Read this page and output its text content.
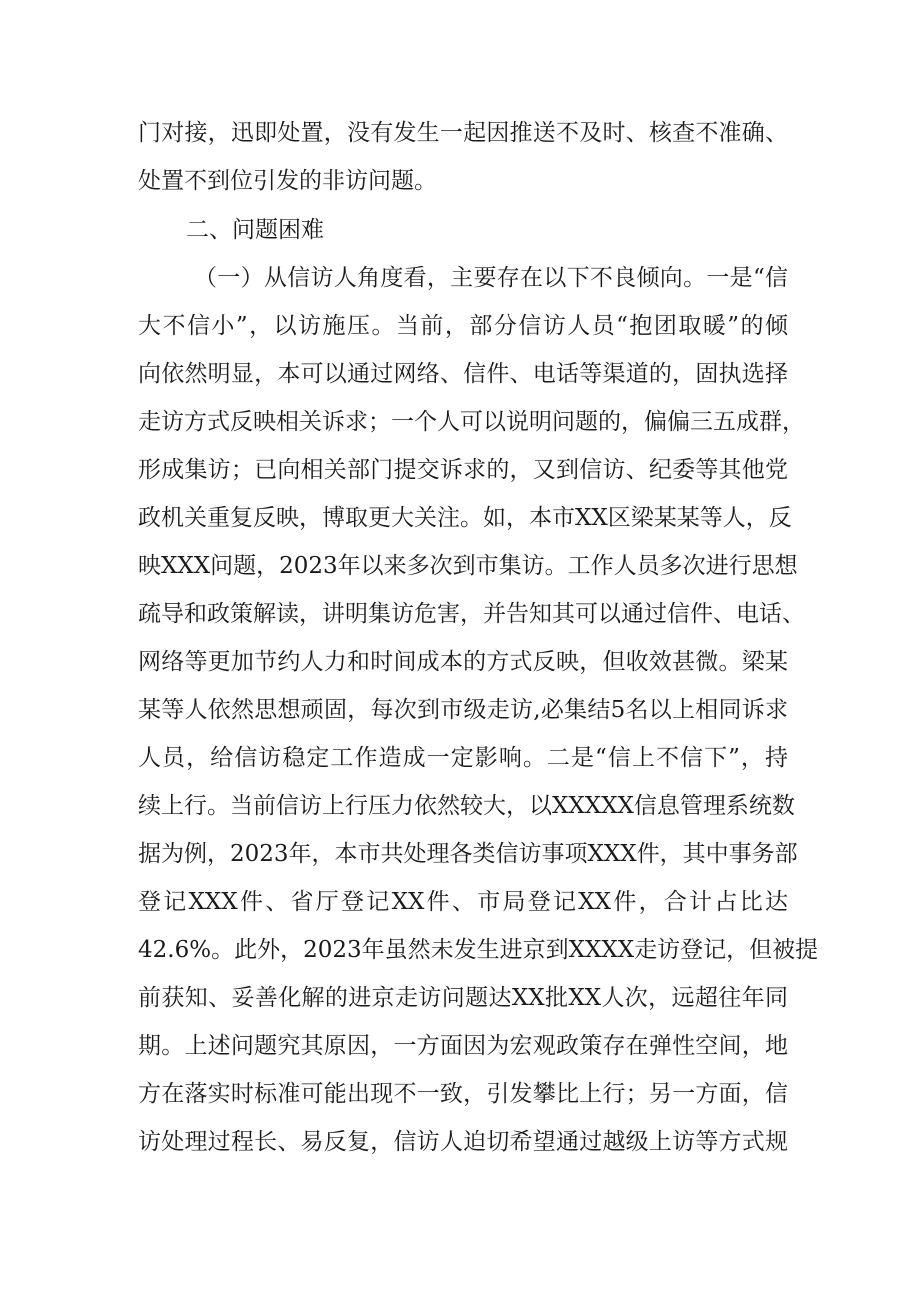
门对接，迅即处置，没有发生一起因推送不及时、核查不准确、
处置不到位引发的非访问题。
二、问题困难
（一）从信访人角度看，主要存在以下不良倾向。一是“信
大不信小”，以访施压。当前，部分信访人员“抱团取暖”的倾
向依然明显，本可以通过网络、信件、电话等渠道的，固执选择
走访方式反映相关诉求；一个人可以说明问题的，偏偏三五成群，
形成集访；已向相关部门提交诉求的，又到信访、纪委等其他党
政机关重复反映，博取更大关注。如，本市XX区梁某某等人，反
映XXX问题，2023年以来多次到市集访。工作人员多次进行思想
疏导和政策解读，讲明集访危害，并告知其可以通过信件、电话、
网络等更加节约人力和时间成本的方式反映，但收效甚微。梁某
某等人依然思想顽固，每次到市级走访,必集结5名以上相同诉求
人员，给信访稳定工作造成一定影响。二是“信上不信下”，持
续上行。当前信访上行压力依然较大，以XXXXX信息管理系统数
据为例，2023年，本市共处理各类信访事项XXX件，其中事务部
登记XXX件、省厅登记XX件、市局登记XX件，合计占比达
42.6%。此外，2023年虽然未发生进京到XXXX走访登记，但被提
前获知、妥善化解的进京走访问题达XX批XX人次，远超往年同
期。上述问题究其原因，一方面因为宏观政策存在弹性空间，地
方在落实时标准可能出现不一致，引发攀比上行；另一方面，信
访处理过程长、易反复，信访人迫切希望通过越级上访等方式规
